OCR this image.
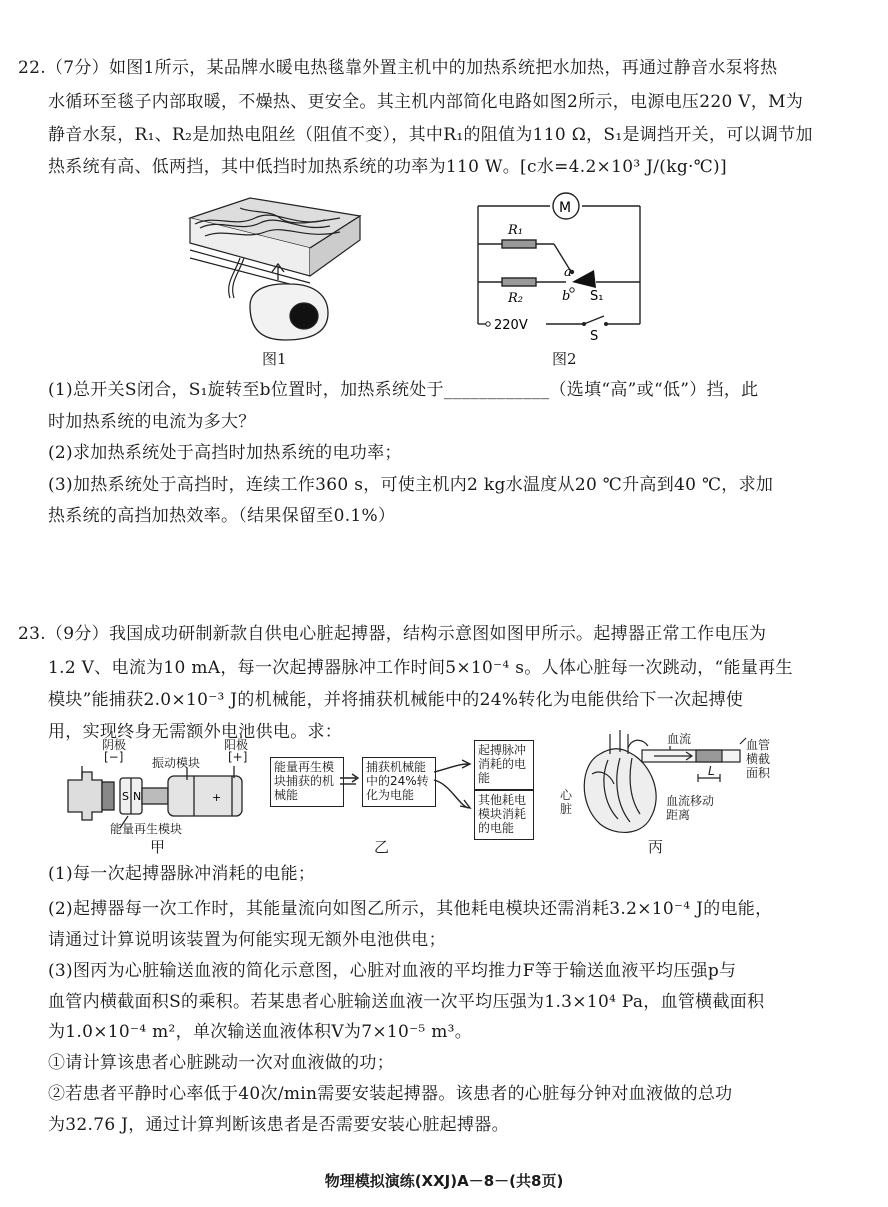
22.（7分）如图1所示，某品牌水暖电热毯靠外置主机中的加热系统把水加热，再通过静音水泵将热
水循环至毯子内部取暖，不燥热、更安全。其主机内部简化电路如图2所示，电源电压220 V，M为
静音水泵，R₁、R₂是加热电阻丝（阻值不变），其中R₁的阻值为110 Ω，S₁是调挡开关，可以调节加
热系统有高、低两挡，其中低挡时加热系统的功率为110 W。[c水=4.2×10³ J/(kg·℃)]
图1
M
R₁
R₂
a
b S₁
220V
S
图2
(1)总开关S闭合，S₁旋转至b位置时，加热系统处于____________（选填“高”或“低”）挡，此
时加热系统的电流为多大？
(2)求加热系统处于高挡时加热系统的电功率；
(3)加热系统处于高挡时，连续工作360 s，可使主机内2 kg水温度从20 ℃升高到40 ℃，求加
热系统的高挡加热效率。（结果保留至0.1%）
23.（9分）我国成功研制新款自供电心脏起搏器，结构示意图如图甲所示。起搏器正常工作电压为
1.2 V、电流为10 mA，每一次起搏器脉冲工作时间5×10⁻⁴ s。人体心脏每一次跳动，“能量再生
模块”能捕获2.0×10⁻³ J的机械能，并将捕获机械能中的24%转化为电能供给下一次起搏使
用，实现终身无需额外电池供电。求：
S N	+
阴极
[−]
阳极
[+]
振动模块
能量再生模块
甲
能量再生模块捕获的机械能
捕获机械能中的24%转化为电能
起搏脉冲消耗的电能
其他耗电模块消耗的电能
乙
心脏
血流	血管横截面积
L
血流移动距离
丙
(1)每一次起搏器脉冲消耗的电能；
(2)起搏器每一次工作时，其能量流向如图乙所示，其他耗电模块还需消耗3.2×10⁻⁴ J的电能，
请通过计算说明该装置为何能实现无额外电池供电；
(3)图丙为心脏输送血液的简化示意图，心脏对血液的平均推力F等于输送血液平均压强p与
血管内横截面积S的乘积。若某患者心脏输送血液一次平均压强为1.3×10⁴ Pa，血管横截面积
为1.0×10⁻⁴ m²，单次输送血液体积V为7×10⁻⁵ m³。
①请计算该患者心脏跳动一次对血液做的功；
②若患者平静时心率低于40次/min需要安装起搏器。该患者的心脏每分钟对血液做的总功
为32.76 J，通过计算判断该患者是否需要安装心脏起搏器。
物理模拟演练(XXJ)A－8－(共8页)
